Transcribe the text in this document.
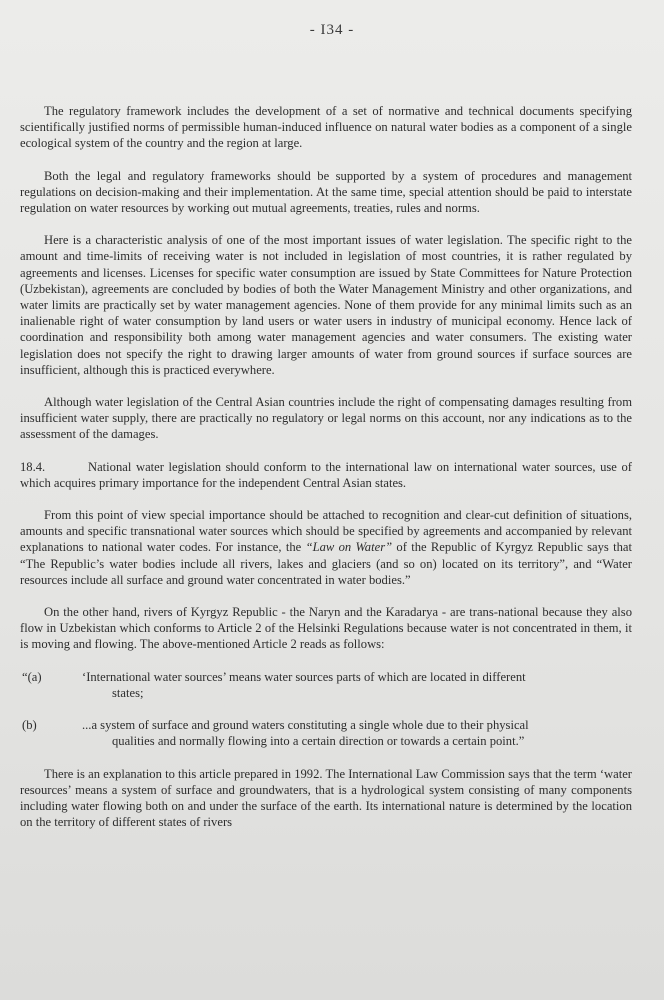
- I34 -

The regulatory framework includes the development of a set of normative and technical documents specifying scientifically justified norms of permissible human-induced influence on natural water bodies as a component of a single ecological system of the country and the region at large.

Both the legal and regulatory frameworks should be supported by a system of procedures and management regulations on decision-making and their implementation. At the same time, special attention should be paid to interstate regulation on water resources by working out mutual agreements, treaties, rules and norms.

Here is a characteristic analysis of one of the most important issues of water legislation. The specific right to the amount and time-limits of receiving water is not included in legislation of most countries, it is rather regulated by agreements and licenses. Licenses for specific water consumption are issued by State Committees for Nature Protection (Uzbekistan), agreements are concluded by bodies of both the Water Management Ministry and other organizations, and water limits are practically set by water management agencies. None of them provide for any minimal limits such as an inalienable right of water consumption by land users or water users in industry of municipal economy. Hence lack of coordination and responsibility both among water management agencies and water consumers. The existing water legislation does not specify the right to drawing larger amounts of water from ground sources if surface sources are insufficient, although this is practiced everywhere.

Although water legislation of the Central Asian countries include the right of compensating damages resulting from insufficient water supply, there are practically no regulatory or legal norms on this account, nor any indications as to the assessment of the damages.

18.4.	National water legislation should conform to the international law on international water sources, use of which acquires primary importance for the independent Central Asian states.

From this point of view special importance should be attached to recognition and clear-cut definition of situations, amounts and specific transnational water sources which should be specified by agreements and accompanied by relevant explanations to national water codes. For instance, the “Law on Water” of the Republic of Kyrgyz Republic says that “The Republic’s water bodies include all rivers, lakes and glaciers (and so on) located on its territory”, and “Water resources include all surface and ground water concentrated in water bodies.”

On the other hand, rivers of Kyrgyz Republic - the Naryn and the Karadarya - are trans-national because they also flow in Uzbekistan which conforms to Article 2 of the Helsinki Regulations because water is not concentrated in them, it is moving and flowing. The above-mentioned Article 2 reads as follows:

“(a)	‘International water sources’ means water sources parts of which are located in different
states;
(b)	...a system of surface and ground waters constituting a single whole due to their physical
qualities and normally flowing into a certain direction or towards a certain point.”

There is an explanation to this article prepared in 1992. The International Law Commission says that the term ‘water resources’ means a system of surface and groundwaters, that is a hydrological system consisting of many components including water flowing both on and under the surface of the earth. Its international nature is determined by the location on the territory of different states of rivers
